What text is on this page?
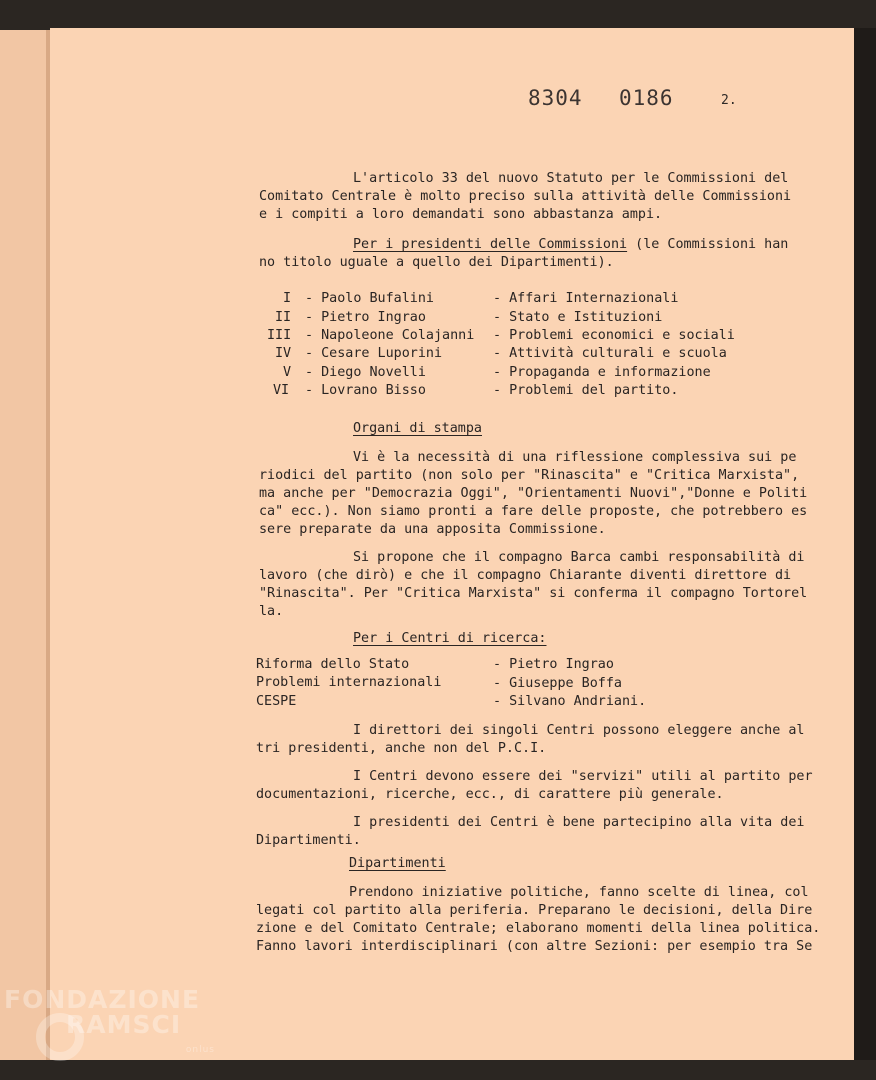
8304 0186	2.
L'articolo 33 del nuovo Statuto per le Commissioni del
Comitato Centrale è molto preciso sulla attività delle Commissioni
e i compiti a loro demandati sono abbastanza ampi.
Per i presidenti delle Commissioni (le Commissioni han
no titolo uguale a quello dei Dipartimenti).
I - Paolo Bufalini	- Affari Internazionali
II - Pietro Ingrao	- Stato e Istituzioni
III - Napoleone Colajanni - Problemi economici e sociali
IV - Cesare Luporini	- Attività culturali e scuola
V - Diego Novelli	- Propaganda e informazione
VI - Lovrano Bisso	- Problemi del partito.
Organi di stampa
Vi è la necessità di una riflessione complessiva sui pe
riodici del partito (non solo per "Rinascita" e "Critica Marxista",
ma anche per "Democrazia Oggi", "Orientamenti Nuovi","Donne e Politi
ca" ecc.). Non siamo pronti a fare delle proposte, che potrebbero es
sere preparate da una apposita Commissione.
Si propone che il compagno Barca cambi responsabilità di
lavoro (che dirò) e che il compagno Chiarante diventi direttore di
"Rinascita". Per "Critica Marxista" si conferma il compagno Tortorel
la.
Per i Centri di ricerca:
Riforma dello Stato	- Pietro Ingrao
Problemi internazionali	- Giuseppe Boffa
CESPE	- Silvano Andriani.
I direttori dei singoli Centri possono eleggere anche al
tri presidenti, anche non del P.C.I.
I Centri devono essere dei "servizi" utili al partito per
documentazioni, ricerche, ecc., di carattere più generale.
I presidenti dei Centri è bene partecipino alla vita dei
Dipartimenti.
Dipartimenti
Prendono iniziative politiche, fanno scelte di linea, col
legati col partito alla periferia. Preparano le decisioni, della Dire
zione e del Comitato Centrale; elaborano momenti della linea politica.
Fanno lavori interdisciplinari (con altre Sezioni: per esempio tra Se
FONDAZIONE
RAMSCI
onlus
